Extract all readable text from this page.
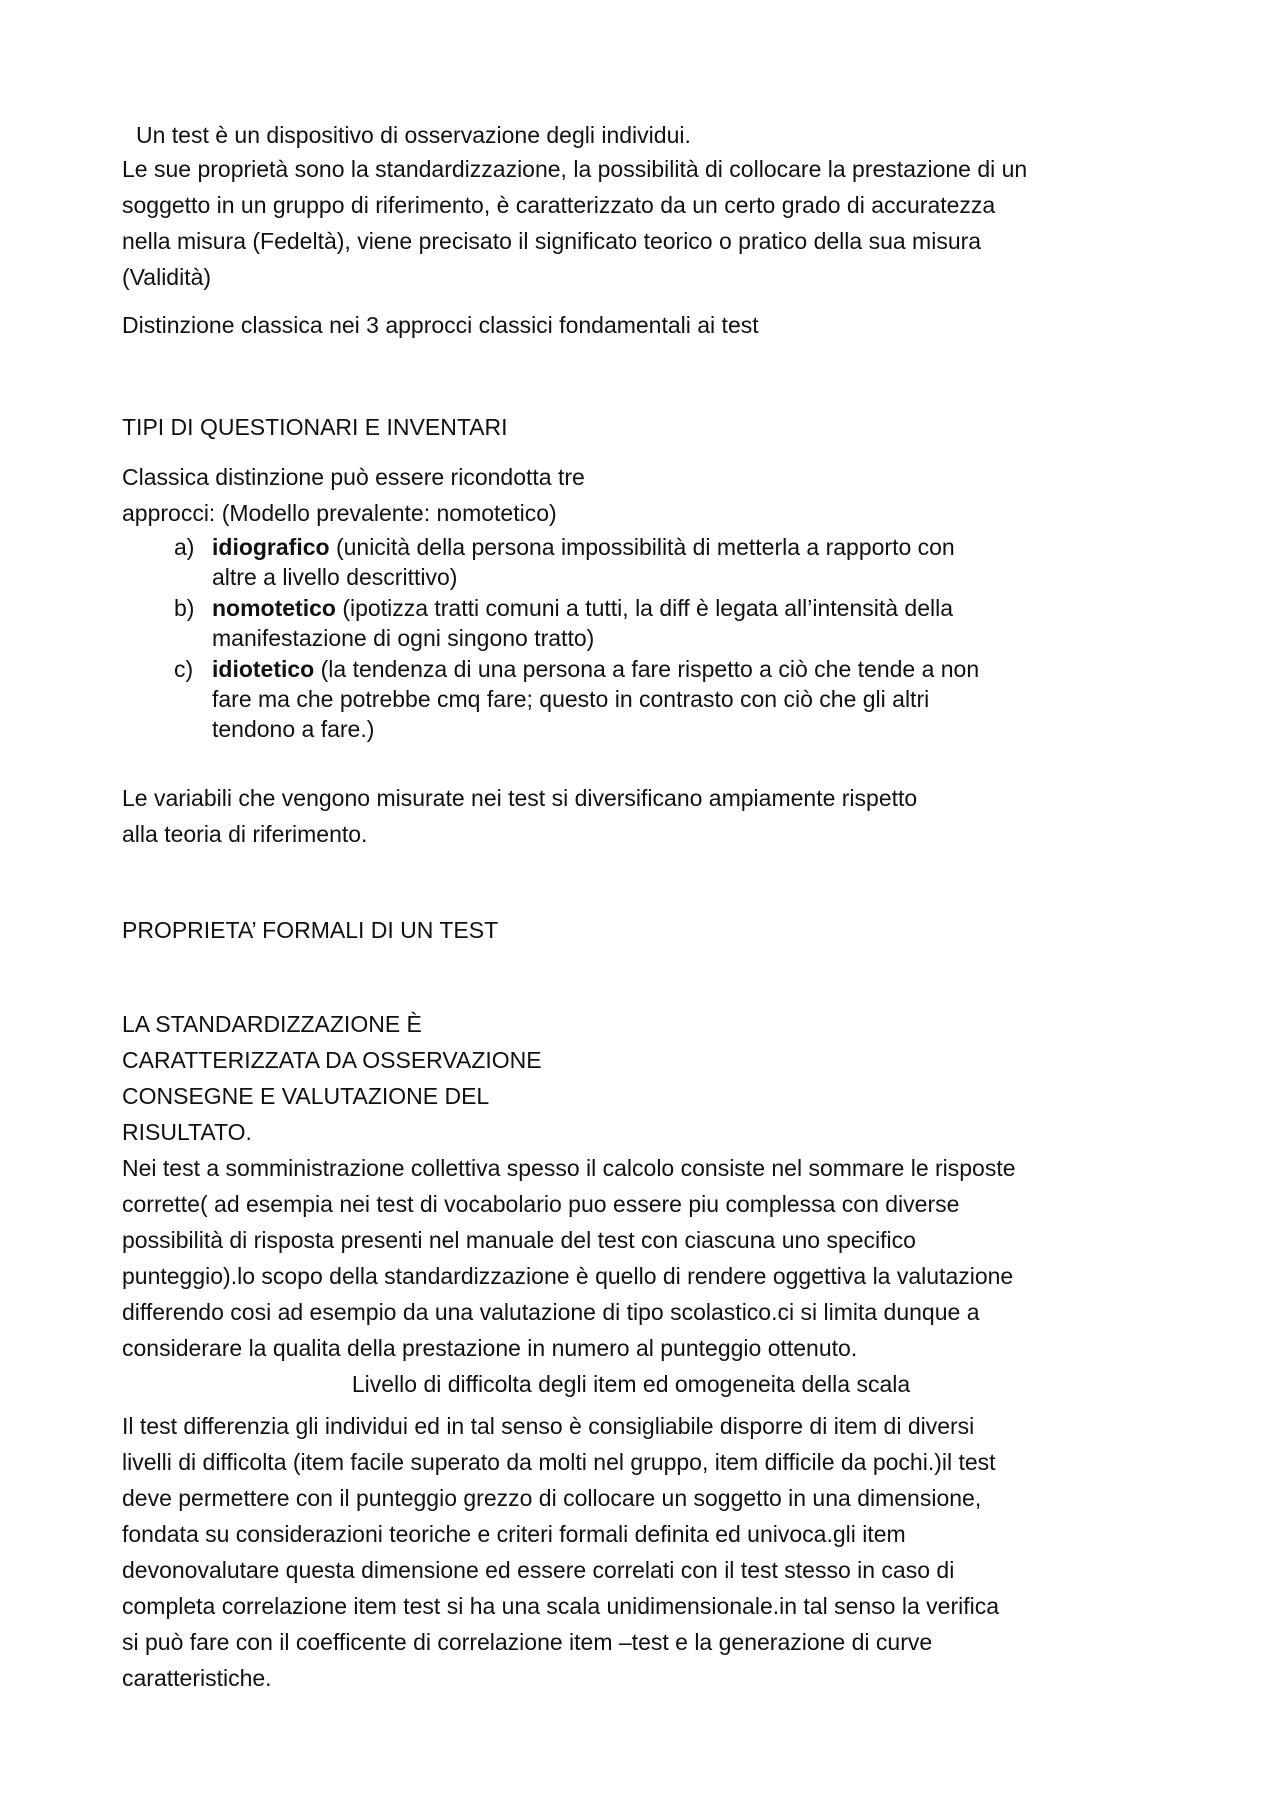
Un test è un dispositivo di osservazione degli individui.
Le sue proprietà sono la standardizzazione, la possibilità di collocare la prestazione di un
soggetto in un gruppo di riferimento, è caratterizzato da un certo grado di accuratezza
nella misura (Fedeltà), viene precisato il significato teorico o pratico della sua misura
(Validità)
Distinzione classica nei 3 approcci classici fondamentali ai test
TIPI DI QUESTIONARI E INVENTARI
Classica distinzione può essere ricondotta tre
approcci: (Modello prevalente: nomotetico)
a) idiografico (unicità della persona impossibilità di metterla a rapporto con
altre a livello descrittivo)
b) nomotetico (ipotizza tratti comuni a tutti, la diff è legata all’intensità della
manifestazione di ogni singono tratto)
c) idiotetico (la tendenza di una persona a fare rispetto a ciò che tende a non
fare ma che potrebbe cmq fare; questo in contrasto con ciò che gli altri
tendono a fare.)
Le variabili che vengono misurate nei test si diversificano ampiamente rispetto
alla teoria di riferimento.
PROPRIETA’ FORMALI DI UN TEST
LA STANDARDIZZAZIONE È
CARATTERIZZATA DA OSSERVAZIONE
CONSEGNE E VALUTAZIONE DEL
RISULTATO.
Nei test a somministrazione collettiva spesso il calcolo consiste nel sommare le risposte
corrette( ad esempia nei test di vocabolario puo essere piu complessa con diverse
possibilità di risposta presenti nel manuale del test con ciascuna uno specifico
punteggio).lo scopo della standardizzazione è quello di rendere oggettiva la valutazione
differendo cosi ad esempio da una valutazione di tipo scolastico.ci si limita dunque a
considerare la qualita della prestazione in numero al punteggio ottenuto.
Livello di difficolta degli item ed omogeneita della scala
Il test differenzia gli individui ed in tal senso è consigliabile disporre di item di diversi
livelli di difficolta (item facile superato da molti nel gruppo, item difficile da pochi.)il test
deve permettere con il punteggio grezzo di collocare un soggetto in una dimensione,
fondata su considerazioni teoriche e criteri formali definita ed univoca.gli item
devonovalutare questa dimensione ed essere correlati con il test stesso in caso di
completa correlazione item test si ha una scala unidimensionale.in tal senso la verifica
si può fare con il coefficente di correlazione item –test e la generazione di curve
caratteristiche.
